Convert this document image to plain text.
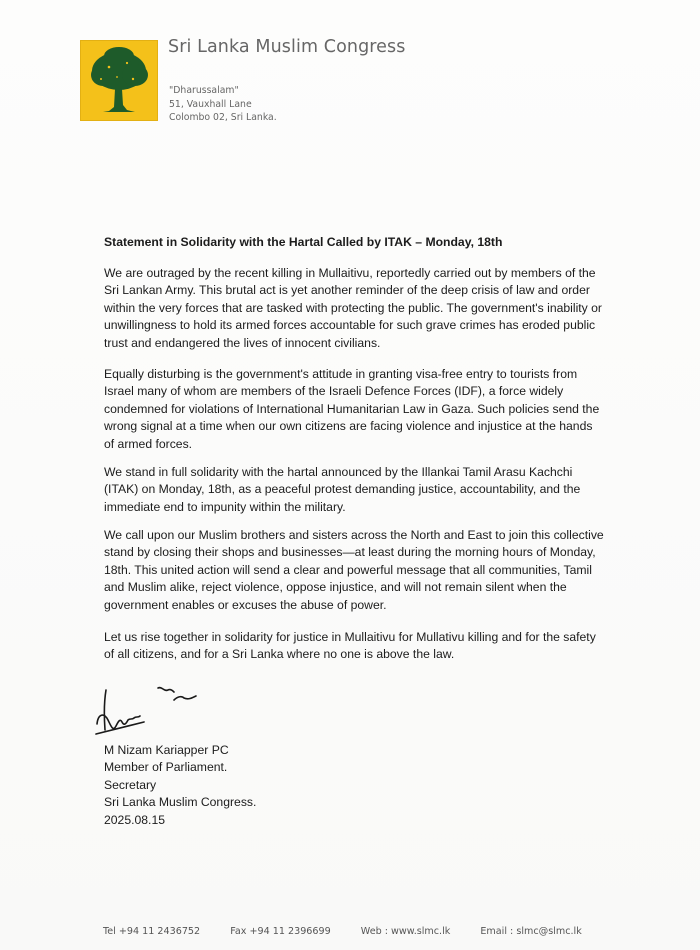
Sri Lanka Muslim Congress
"Dharussalam"
51, Vauxhall Lane
Colombo 02, Sri Lanka.
Statement in Solidarity with the Hartal Called by ITAK – Monday, 18th
We are outraged by the recent killing in Mullaitivu, reportedly carried out by members of the
Sri Lankan Army. This brutal act is yet another reminder of the deep crisis of law and order
within the very forces that are tasked with protecting the public. The government's inability or
unwillingness to hold its armed forces accountable for such grave crimes has eroded public
trust and endangered the lives of innocent civilians.
Equally disturbing is the government's attitude in granting visa-free entry to tourists from
Israel many of whom are members of the Israeli Defence Forces (IDF), a force widely
condemned for violations of International Humanitarian Law in Gaza. Such policies send the
wrong signal at a time when our own citizens are facing violence and injustice at the hands
of armed forces.
We stand in full solidarity with the hartal announced by the Illankai Tamil Arasu Kachchi
(ITAK) on Monday, 18th, as a peaceful protest demanding justice, accountability, and the
immediate end to impunity within the military.
We call upon our Muslim brothers and sisters across the North and East to join this collective
stand by closing their shops and businesses—at least during the morning hours of Monday,
18th. This united action will send a clear and powerful message that all communities, Tamil
and Muslim alike, reject violence, oppose injustice, and will not remain silent when the
government enables or excuses the abuse of power.
Let us rise together in solidarity for justice in Mullaitivu for Mullativu killing and for the safety
of all citizens, and for a Sri Lanka where no one is above the law.
M Nizam Kariapper PC
Member of Parliament.
Secretary
Sri Lanka Muslim Congress.
2025.08.15
Tel +94 11 2436752	Fax +94 11 2396699	Web : www.slmc.lk	Email : slmc@slmc.lk
